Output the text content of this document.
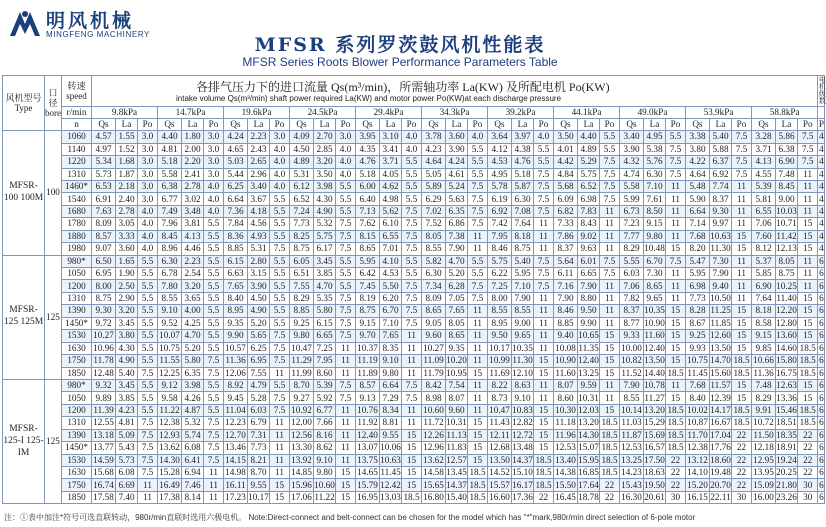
明风机械
MINGFENG MACHINERY	MFSR 系列罗茨鼓风机性能表
MFSR Series Roots Blower Performance Parameters Table
风机型号 Type	口径 bore	转速 speed	各排气压力下的进口流量 Qs(m³/min)，所需轴功率 La(KW) 及所配电机 Po(KW)
intake volume Qs(m³/min) shaft power required La(KW) and motor power Po(KW)at each discharge pressure																																	电机级数

		r/min	9.8kPa			14.7kPa			19.6kPa			24.5kPa			29.4kPa			34.3kPa			39.2kPa			44.1kPa			49.0kPa			53.9kPa			58.8kPa			
		n	Qs	La	Po	Qs	La	Po	Qs	La	Po	Qs	La	Po	Qs	La	Po	Qs	La	Po	Qs	La	Po	Qs	La	Po	Qs	La	Po	Qs	La	Po	Qs	La	Po	P
MFSR-100 100M	100	1060	4.57	1.55	3.0	4.40	1.80	3.0	4.24	2.23	3.0	4.09	2.70	3.0	3.95	3.10	4.0	3.78	3.60	4.0	3.64	3.97	4.0	3.50	4.40	5.5	3.40	4.95	5.5	3.38	5.40	7.5	3.28	5.86	7.5	4
		1140	4.97	1.52	3.0	4.81	2.00	3.0	4.65	2.43	4.0	4.50	2.85	4.0	4.35	3.41	4.0	4.23	3.90	5.5	4.12	4.38	5.5	4.01	4.89	5.5	3.90	5.38	7.5	3.80	5.88	7.5	3.71	6.38	7.5	4
		1220	5.34	1.68	3.0	5.18	2.20	3.0	5.03	2.65	4.0	4.89	3.20	4.0	4.76	3.71	5.5	4.64	4.24	5.5	4.53	4.76	5.5	4.42	5.29	7.5	4.32	5.76	7.5	4.22	6.37	7.5	4.13	6.90	7.5	4
		1310	5.73	1.87	3.0	5.58	2.41	3.0	5.44	2.96	4.0	5.31	3.50	4.0	5.18	4.05	5.5	5.05	4.61	5.5	4.95	5.18	7.5	4.84	5.75	7.5	4.74	6.30	7.5	4.64	6.92	7.5	4.55	7.48	11	4
		1460*	6.53	2.18	3.0	6.38	2.78	4.0	6.25	3.40	4.0	6.12	3.98	5.5	6.00	4.62	5.5	5.89	5.24	7.5	5.78	5.87	7.5	5.68	6.52	7.5	5.58	7.10	11	5.48	7.74	11	5.39	8.45	11	4
		1540	6.91	2.40	3.0	6.77	3.02	4.0	6.64	3.67	5.5	6.52	4.30	5.5	6.40	4.98	5.5	6.29	5.63	7.5	6.19	6.30	7.5	6.09	6.98	7.5	5.99	7.61	11	5.90	8.37	11	5.81	9.00	11	4
		1680	7.63	2.78	4.0	7.49	3.48	4.0	7.36	4.18	5.5	7.24	4.90	5.5	7.13	5.62	7.5	7.02	6.35	7.5	6.92	7.08	7.5	6.82	7.83	11	6.73	8.50	11	6.64	9.30	11	6.55	10.03	11	4
		1780	8.09	3.05	4.0	7.96	3.81	5.5	7.84	4.56	5.5	7.73	5.32	7.5	7.62	6.10	7.5	7.52	6.86	7.5	7.42	7.64	11	7.33	8.43	11	7.23	9.15	11	7.14	9.97	11	7.06	10.71	15	4
		1880	8.57	3.33	4.0	8.45	4.13	5.5	8.36	4.93	5.5	8.25	5.75	7.5	8.15	6.55	7.5	8.05	7.38	11	7.95	8.18	11	7.86	9.02	11	7.77	9.80	11	7.68	10.63	15	7.60	11.42	15	4
		1980	9.07	3.60	4.0	8.96	4.46	5.5	8.85	5.31	7.5	8.75	6.17	7.5	8.65	7.01	7.5	8.55	7.90	11	8.46	8.75	11	8.37	9.63	11	8.29	10.48	15	8.20	11.30	15	8.12	12.13	15	4
MFSR-125 125M	125	980*	6.50	1.65	5.5	6.30	2.23	5.5	6.15	2.80	5.5	6.05	3.45	5.5	5.95	4.10	5.5	5.82	4.70	5.5	5.75	5.40	7.5	5.64	6.01	7.5	5.55	6.70	7.5	5.47	7.30	11	5.37	8.05	11	6
		1050	6.95	1.90	5.5	6.78	2.54	5.5	6.63	3.15	5.5	6.51	3.85	5.5	6.42	4.53	5.5	6.30	5.20	5.5	6.22	5.95	7.5	6.11	6.65	7.5	6.03	7.30	11	5.95	7.90	11	5.85	8.75	11	6
		1200	8.00	2.50	5.5	7.80	3.20	5.5	7.65	3.90	5.5	7.55	4.70	5.5	7.45	5.50	7.5	7.34	6.28	7.5	7.25	7.10	7.5	7.16	7.90	11	7.06	8.65	11	6.98	9.40	11	6.90	10.25	11	6
		1310	8.75	2.90	5.5	8.55	3.65	5.5	8.40	4.50	5.5	8.29	5.35	7.5	8.19	6.20	7.5	8.09	7.05	7.5	8.00	7.90	11	7.90	8.80	11	7.82	9.65	11	7.73	10.50	11	7.64	11.40	15	6
		1390	9.30	3.20	5.5	9.10	4.00	5.5	8.95	4.90	5.5	8.85	5.80	7.5	8.75	6.70	7.5	8.65	7.65	11	8.55	8.55	11	8.46	9.50	11	8.37	10.35	15	8.28	11.25	15	8.18	12.20	15	6
		1450*	9.72	3.45	5.5	9.52	4.25	5.5	9.35	5.20	5.5	9.25	6.15	7.5	9.15	7.10	7.5	9.05	8.05	11	8.95	9.00	11	8.85	9.90	11	8.77	10.90	15	8.67	11.85	15	8.58	12.80	15	6
		1530	10.27	3.80	5.5	10.07	4.70	5.5	9.90	5.65	7.5	9.80	6.65	7.5	9.70	7.65	11	9.60	8.65	11	9.50	9.65	11	9.40	10.65	15	9.33	11.60	15	9.25	12.60	15	9.15	13.60	15	6
		1630	10.96	4.30	5.5	10.75	5.20	5.5	10.57	6.25	7.5	10.47	7.25	11	10.37	8.35	11	10.27	9.35	11	10.17	10.35	11	10.08	11.35	15	10.00	12.40	15	9.93	13.50	15	9.85	14.60	18.5	6
		1750	11.78	4.90	5.5	11.55	5.80	7.5	11.36	6.95	7.5	11.29	7.95	11	11.19	9.10	11	11.09	10.20	11	10.99	11.30	15	10.90	12.40	15	10.82	13.50	15	10.75	14.70	18.5	10.66	15.80	18.5	6
		1850	12.48	5.40	7.5	12.25	6.35	7.5	12.06	7.55	11	11.99	8.60	11	11.89	9.80	11	11.79	10.95	15	11.69	12.10	15	11.60	13.25	15	11.52	14.40	18.5	11.45	15.60	18.5	11.36	16.75	18.5	6
MFSR-125-I 125-IM	125	980*	9.32	3.45	5.5	9.12	3.98	5.5	8.92	4.79	5.5	8.70	5.39	7.5	8.57	6.64	7.5	8.42	7.54	11	8.22	8.63	11	8.07	9.59	11	7.90	10.78	11	7.68	11.57	15	7.48	12.63	15	6
		1050	9.89	3.85	5.5	9.58	4.26	5.5	9.45	5.28	7.5	9.27	5.92	7.5	9.13	7.29	7.5	8.98	8.07	11	8.73	9.10	11	8.60	10.31	11	8.55	11.27	15	8.40	12.39	15	8.29	13.36	15	6
		1200	11.39	4.23	5.5	11.22	4.87	5.5	11.04	6.03	7.5	10.92	6.77	11	10.76	8.34	11	10.60	9.60	11	10.47	10.83	15	10.30	12.03	15	10.14	13.20	18.5	10.02	14.17	18.5	9.91	15.46	18.5	6
		1310	12.55	4.81	7.5	12.38	5.32	7.5	12.23	6.79	11	12.00	7.66	11	11.92	8.81	11	11.72	10.31	15	11.43	12.82	15	11.18	13.20	18.5	11.03	15.29	18.5	10.87	16.67	18.5	10.72	18.51	18.5	6
		1390	13.18	5.09	7.5	12.93	5.74	7.5	12.70	7.31	11	12.56	8.16	11	12.40	9.55	15	12.26	11.13	15	12.11	12.72	15	11.96	14.30	18.5	11.87	15.69	18.5	11.70	17.04	22	11.50	18.35	22	6
		1450*	13.77	5.43	7.5	13.62	6.08	7.5	13.46	7.73	11	13.30	8.62	11	13.07	10.06	15	12.96	11.83	15	12.68	13.48	15	12.53	15.07	18.5	12.53	16.57	18.5	12.38	17.76	22	12.18	18.91	22	6
		1530	14.59	5.73	7.5	14.30	6.41	7.5	14.15	8.21	11	13.92	9.10	11	13.75	10.63	15	13.62	12.57	15	13.50	14.37	18.5	13.40	15.95	18.5	13.25	17.50	22	13.12	18.60	22	12.95	19.24	22	6
		1630	15.68	6.08	7.5	15.28	6.94	11	14.98	8.70	11	14.85	9.80	15	14.65	11.45	15	14.58	13.45	18.5	14.52	15.10	18.5	14.38	16.85	18.5	14.23	18.63	22	14.10	19.48	22	13.95	20.25	22	6
		1750	16.74	6.69	11	16.49	7.46	11	16.11	9.55	15	15.96	10.60	15	15.79	12.42	15	15.65	14.37	18.5	15.57	16.17	18.5	15.50	17.64	22	15.43	19.50	22	15.20	20.70	22	15.09	21.80	30	6
		1850	17.58	7.40	11	17.38	8.14	11	17.23	10.17	15	17.06	11.22	15	16.95	13.03	18.5	16.80	15.40	18.5	16.60	17.36	22	16.45	18.78	22	16.30	20.61	30	16.15	22.11	30	16.00	23.26	30	6
注：①表中加注*符号可选直联转动，980r/min直联时选用六极电机。 Note:Direct-connect and belt-connect can be chosen for the model which has "*"mark,980r/min direct selection of 6-pole motor
